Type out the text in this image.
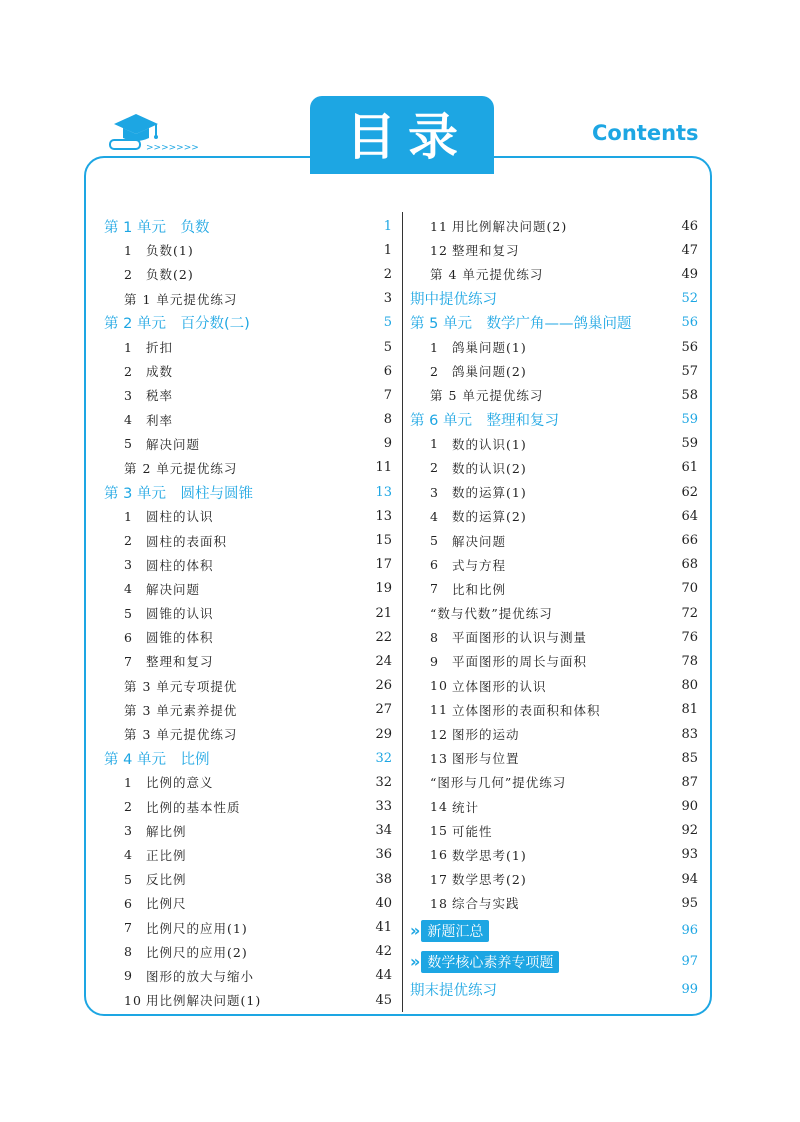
>>>>>>>	目录	Contents
第 1 单元　负数	1
1	负数(1)	1
2	负数(2)	2
第 1 单元提优练习	3
第 2 单元　百分数(二)	5
1	折扣	5
2	成数	6
3	税率	7
4	利率	8
5	解决问题	9
第 2 单元提优练习	11
第 3 单元　圆柱与圆锥	13
1	圆柱的认识	13
2	圆柱的表面积	15
3	圆柱的体积	17
4	解决问题	19
5	圆锥的认识	21
6	圆锥的体积	22
7	整理和复习	24
第 3 单元专项提优	26
第 3 单元素养提优	27
第 3 单元提优练习	29
第 4 单元　比例	32
1	比例的意义	32
2	比例的基本性质	33
3	解比例	34
4	正比例	36
5	反比例	38
6	比例尺	40
7	比例尺的应用(1)	41
8	比例尺的应用(2)	42
9	图形的放大与缩小	44
10 用比例解决问题(1)	45
11 用比例解决问题(2)	46
12 整理和复习	47
第 4 单元提优练习	49
期中提优练习	52
第 5 单元　数学广角——鸽巢问题	56
1	鸽巢问题(1)	56
2	鸽巢问题(2)	57
第 5 单元提优练习	58
第 6 单元　整理和复习	59
1	数的认识(1)	59
2	数的认识(2)	61
3	数的运算(1)	62
4	数的运算(2)	64
5	解决问题	66
6	式与方程	68
7	比和比例	70
“数与代数”提优练习	72
8	平面图形的认识与测量	76
9	平面图形的周长与面积	78
10 立体图形的认识	80
11 立体图形的表面积和体积	81
12 图形的运动	83
13 图形与位置	85
“图形与几何”提优练习	87
14 统计	90
15 可能性	92
16 数学思考(1)	93
17 数学思考(2)	94
18 综合与实践	95
» 新题汇总	96
» 数学核心素养专项题	97
期末提优练习	99
